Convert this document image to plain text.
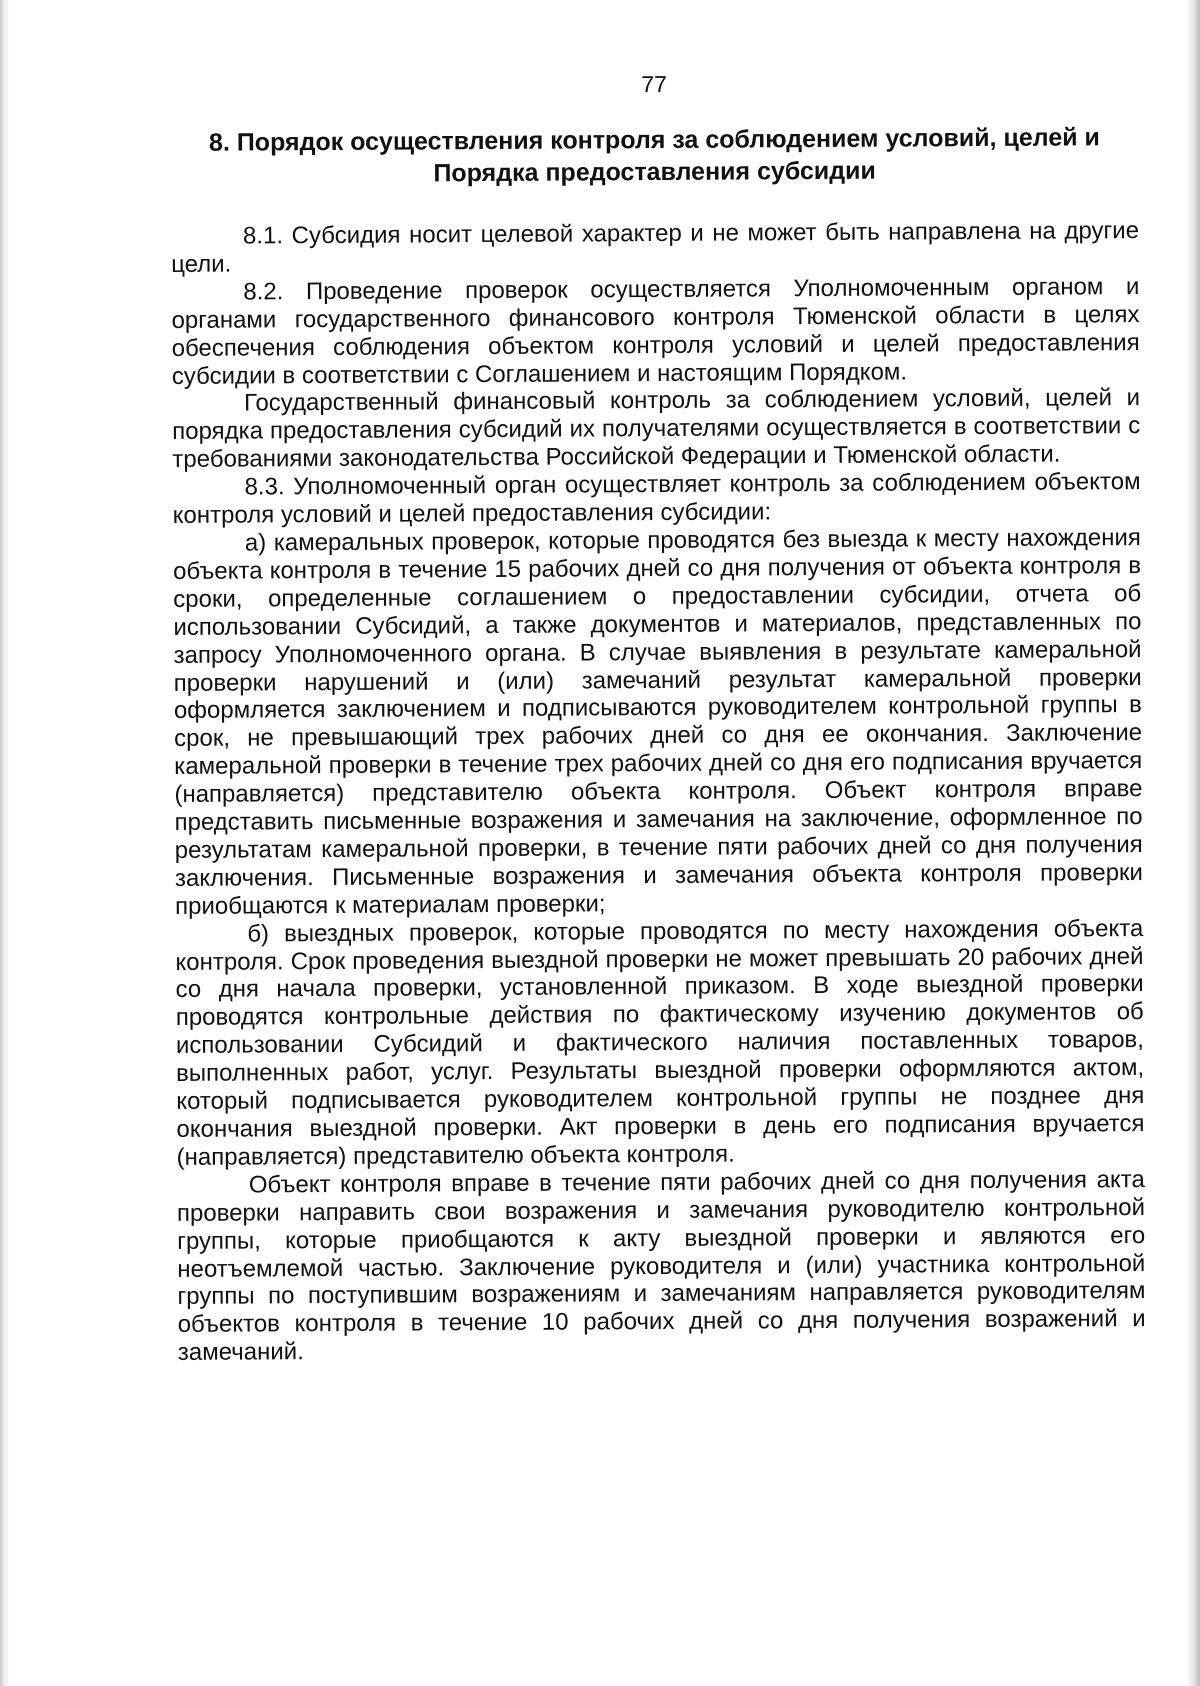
77
8. Порядок осуществления контроля за соблюдением условий, целей и Порядка предоставления субсидии

8.1. Субсидия носит целевой характер и не может быть направлена на другие цели.

8.2. Проведение проверок осуществляется Уполномоченным органом и органами государственного финансового контроля Тюменской области в целях обеспечения соблюдения объектом контроля условий и целей предоставления субсидии в соответствии с Соглашением и настоящим Порядком.

Государственный финансовый контроль за соблюдением условий, целей и порядка предоставления субсидий их получателями осуществляется в соответствии с требованиями законодательства Российской Федерации и Тюменской области.

8.3. Уполномоченный орган осуществляет контроль за соблюдением объектом контроля условий и целей предоставления субсидии:

а) камеральных проверок, которые проводятся без выезда к месту нахождения объекта контроля в течение 15 рабочих дней со дня получения от объекта контроля в сроки, определенные соглашением о предоставлении субсидии, отчета об использовании Субсидий, а также документов и материалов, представленных по запросу Уполномоченного органа. В случае выявления в результате камеральной проверки нарушений и (или) замечаний результат камеральной проверки оформляется заключением и подписываются руководителем контрольной группы в срок, не превышающий трех рабочих дней со дня ее окончания. Заключение камеральной проверки в течение трех рабочих дней со дня его подписания вручается (направляется) представителю объекта контроля. Объект контроля вправе представить письменные возражения и замечания на заключение, оформленное по результатам камеральной проверки, в течение пяти рабочих дней со дня получения заключения. Письменные возражения и замечания объекта контроля проверки приобщаются к материалам проверки;

б) выездных проверок, которые проводятся по месту нахождения объекта контроля. Срок проведения выездной проверки не может превышать 20 рабочих дней со дня начала проверки, установленной приказом. В ходе выездной проверки проводятся контрольные действия по фактическому изучению документов об использовании Субсидий и фактического наличия поставленных товаров, выполненных работ, услуг. Результаты выездной проверки оформляются актом, который подписывается руководителем контрольной группы не позднее дня окончания выездной проверки. Акт проверки в день его подписания вручается (направляется) представителю объекта контроля.

Объект контроля вправе в течение пяти рабочих дней со дня получения акта проверки направить свои возражения и замечания руководителю контрольной группы, которые приобщаются к акту выездной проверки и являются его неотъемлемой частью. Заключение руководителя и (или) участника контрольной группы по поступившим возражениям и замечаниям направляется руководителям объектов контроля в течение 10 рабочих дней со дня получения возражений и замечаний.
